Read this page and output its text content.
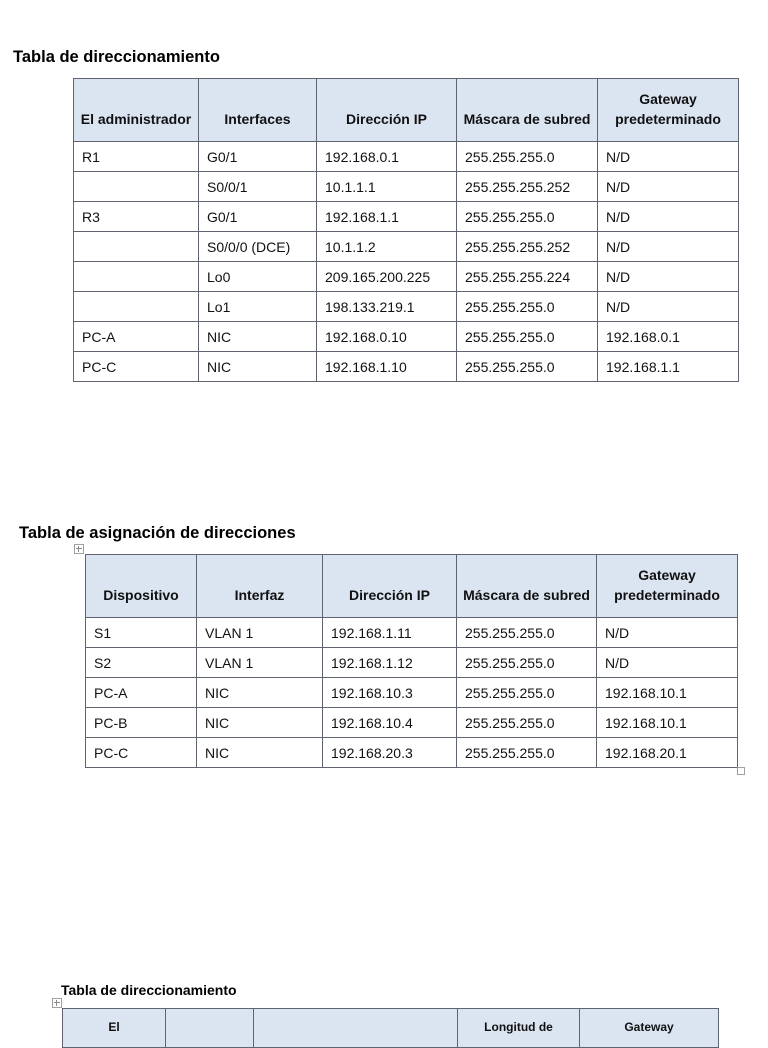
Tabla de direccionamiento
El administrador	Interfaces	Dirección IP	Máscara de subred	Gateway predeterminado
R1	G0/1	192.168.0.1	255.255.255.0	N/D
	S0/0/1	10.1.1.1	255.255.255.252	N/D
R3	G0/1	192.168.1.1	255.255.255.0	N/D
	S0/0/0 (DCE)	10.1.1.2	255.255.255.252	N/D
	Lo0	209.165.200.225	255.255.255.224	N/D
	Lo1	198.133.219.1	255.255.255.0	N/D
PC-A	NIC	192.168.0.10	255.255.255.0	192.168.0.1
PC-C	NIC	192.168.1.10	255.255.255.0	192.168.1.1
Tabla de asignación de direcciones
Dispositivo	Interfaz	Dirección IP	Máscara de subred	Gateway predeterminado
S1	VLAN 1	192.168.1.11	255.255.255.0	N/D
S2	VLAN 1	192.168.1.12	255.255.255.0	N/D
PC-A	NIC	192.168.10.3	255.255.255.0	192.168.10.1
PC-B	NIC	192.168.10.4	255.255.255.0	192.168.10.1
PC-C	NIC	192.168.20.3	255.255.255.0	192.168.20.1
Tabla de direccionamiento
El			Longitud de	Gateway
